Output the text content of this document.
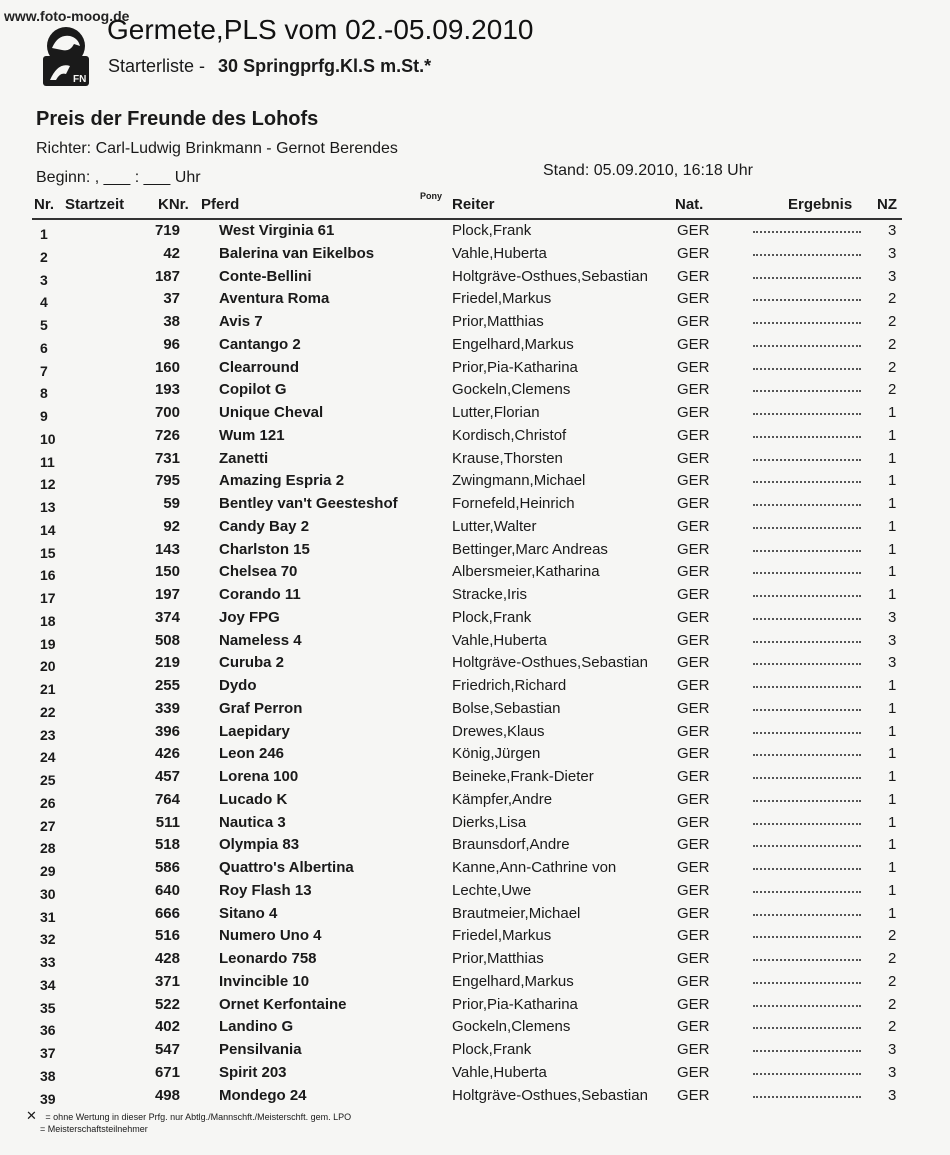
www.foto-moog.de
FN
Germete,PLS vom 02.-05.09.2010
Starterliste - 30 Springprfg.Kl.S m.St.*
Preis der Freunde des Lohofs
Richter: Carl-Ludwig Brinkmann - Gernot Berendes
Beginn: , ___ : ___ Uhr	Stand: 05.09.2010, 16:18 Uhr
Nr. Startzeit KNr. Pferd	Pony Reiter	Nat.	Ergebnis NZ
1	719	West Virginia 61	Plock,Frank	GER	3
2	42	Balerina van Eikelbos	Vahle,Huberta	GER	3
3	187	Conte-Bellini	Holtgräve-Osthues,Sebastian GER	3
4	37	Aventura Roma	Friedel,Markus	GER	2
5	38	Avis 7	Prior,Matthias	GER	2
6	96	Cantango 2	Engelhard,Markus	GER	2
7	160	Clearround	Prior,Pia-Katharina	GER	2
8	193	Copilot G	Gockeln,Clemens	GER	2
9	700	Unique Cheval	Lutter,Florian	GER	1
10	726	Wum 121	Kordisch,Christof	GER	1
11	731	Zanetti	Krause,Thorsten	GER	1
12	795	Amazing Espria 2	Zwingmann,Michael	GER	1
13	59	Bentley van't Geesteshof	Fornefeld,Heinrich	GER	1
14	92	Candy Bay 2	Lutter,Walter	GER	1
15	143	Charlston 15	Bettinger,Marc Andreas	GER	1
16	150	Chelsea 70	Albersmeier,Katharina	GER	1
17	197	Corando 11	Stracke,Iris	GER	1
18	374	Joy FPG	Plock,Frank	GER	3
19	508	Nameless 4	Vahle,Huberta	GER	3
20	219	Curuba 2	Holtgräve-Osthues,Sebastian GER	3
21	255	Dydo	Friedrich,Richard	GER	1
22	339	Graf Perron	Bolse,Sebastian	GER	1
23	396	Laepidary	Drewes,Klaus	GER	1
24	426	Leon 246	König,Jürgen	GER	1
25	457	Lorena 100	Beineke,Frank-Dieter	GER	1
26	764	Lucado K	Kämpfer,Andre	GER	1
27	511	Nautica 3	Dierks,Lisa	GER	1
28	518	Olympia 83	Braunsdorf,Andre	GER	1
29	586	Quattro's Albertina	Kanne,Ann-Cathrine von	GER	1
30	640	Roy Flash 13	Lechte,Uwe	GER	1
31	666	Sitano 4	Brautmeier,Michael	GER	1
32	516	Numero Uno 4	Friedel,Markus	GER	2
33	428	Leonardo 758	Prior,Matthias	GER	2
34	371	Invincible 10	Engelhard,Markus	GER	2
35	522	Ornet Kerfontaine	Prior,Pia-Katharina	GER	2
36	402	Landino G	Gockeln,Clemens	GER	2
37	547	Pensilvania	Plock,Frank	GER	3
38	671	Spirit 203	Vahle,Huberta	GER	3
39	498	Mondego 24	Holtgräve-Osthues,Sebastian GER	3
✕ = ohne Wertung in dieser Prfg. nur Abtlg./Mannschft./Meisterschft. gem. LPO
= Meisterschaftsteilnehmer
